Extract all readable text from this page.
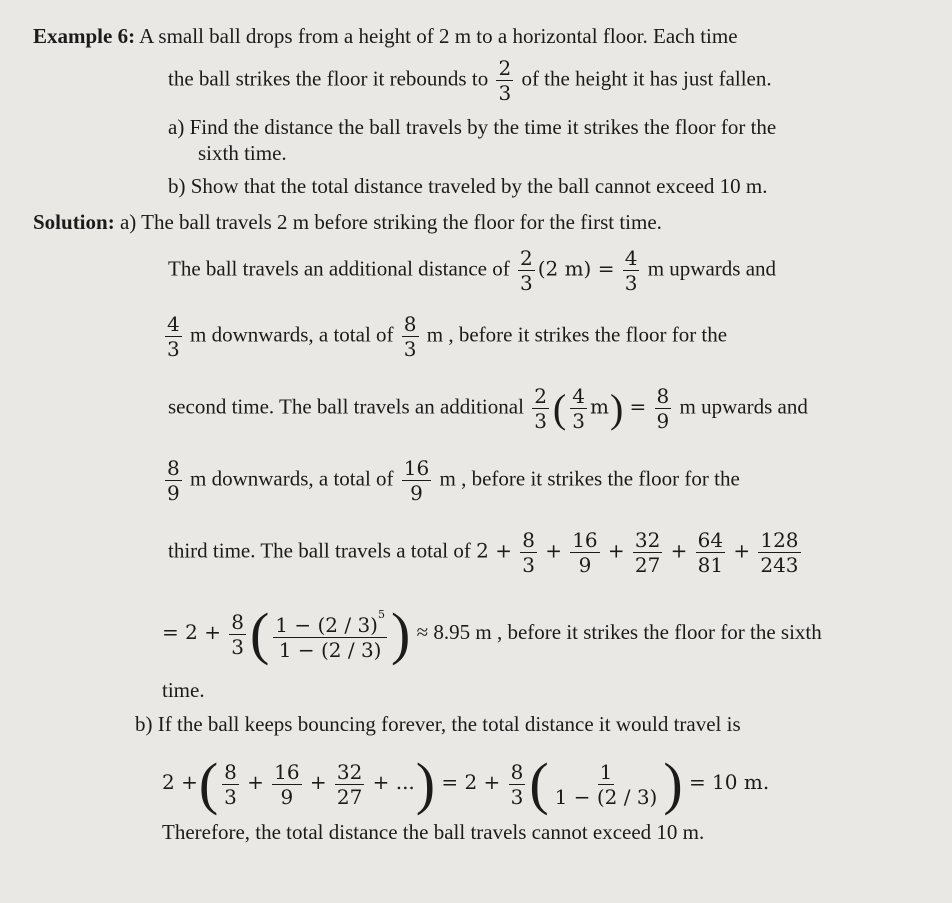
Example 6: A small ball drops from a height of 2 m to a horizontal floor. Each time
the ball strikes the floor it rebounds to $\frac{2}{3}$ of the height it has just fallen.
a) Find the distance the ball travels by the time it strikes the floor for the
sixth time.
b) Show that the total distance traveled by the ball cannot exceed 10 m.
Solution: a) The ball travels 2 m before striking the floor for the first time.
The ball travels an additional distance of $\frac{2}{3} (2$ $m) = \frac{4}{3}$ m upwards and
$\frac{4}{3}$ m downwards, a total of $\frac{8}{3}$ m , before it strikes the floor for the
second time. The ball travels an additional $\frac{2}{3}$ ( $\frac{4}{3} m) = \frac{8}{9}$ m upwards and
$\frac{8}{9}$ m downwards, a total of $\frac{16}{9}$ m , before it strikes the floor for the
third time. The ball travels a total of $2 + \frac{8}{3} + \frac{16}{9} + \frac{32}{27} + \frac{64}{81} + \frac{128}{243}$
= $2 + \frac{8}{3}$ ( $\frac{1 - (2 / 3)^5}{1 - (2 / 3)}$ ) ≈ 8.95 m , before it strikes the floor for the sixth
time.
b) If the ball keeps bouncing forever, the total distance it would travel is
2 +( $\frac{8}{3} + \frac{16}{9} + \frac{32}{27}$ + ...) = $2 + \frac{8}{3}$ ( $\frac{1}{1 - (2 / 3)}$ ) = 10 m.
Therefore, the total distance the ball travels cannot exceed 10 m.
